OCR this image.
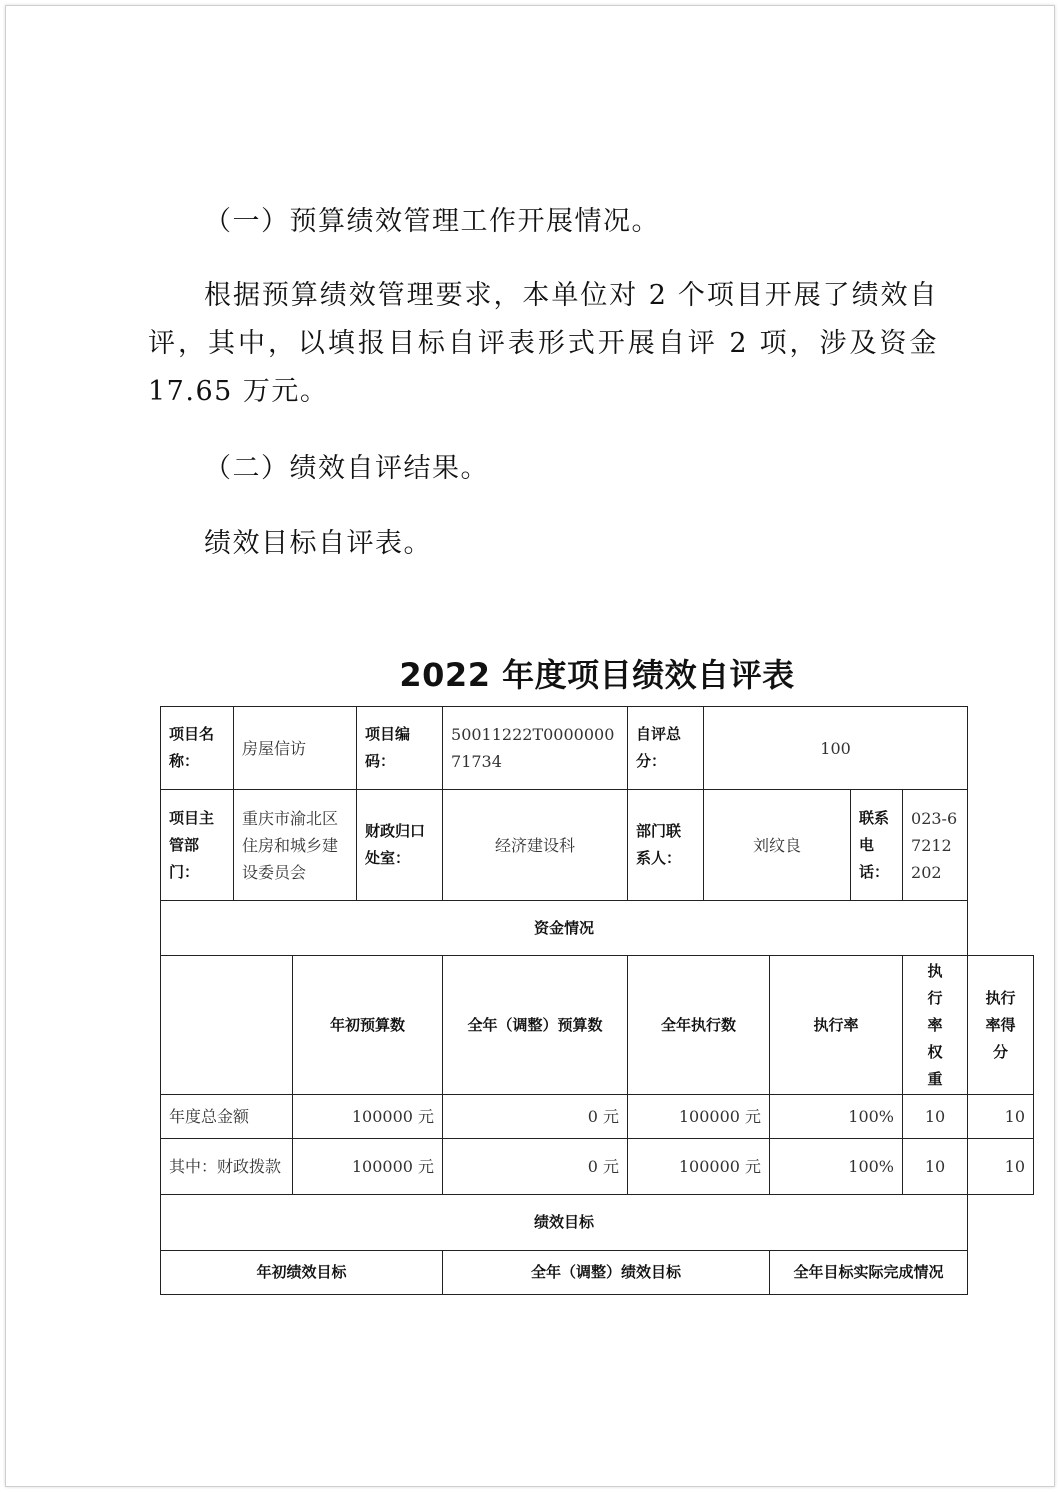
（一）预算绩效管理工作开展情况。

根据预算绩效管理要求，本单位对 2 个项目开展了绩效自评，其中，以填报目标自评表形式开展自评 2 项，涉及资金 17.65 万元。

（二）绩效自评结果。

绩效目标自评表。

2022 年度项目绩效自评表
项目名称：	房屋信访		项目编码：	50011222T000000071734	自评总分：	100				
项目主管部门：	重庆市渝北区住房和城乡建设委员会		财政归口处室：	经济建设科	部门联系人：	刘纹良		联系电话：	023-67212202	
资金情况										
		年初预算数		全年（调整）预算数	全年执行数		执行率		执行率权重	执行率得分

年度总金额		100000 元		0 元	100000 元		100%		10	10
其中：财政拨款		100000 元		0 元	100000 元		100%		10	10
绩效目标										
年初绩效目标				全年（调整）绩效目标			全年目标实际完成情况			
